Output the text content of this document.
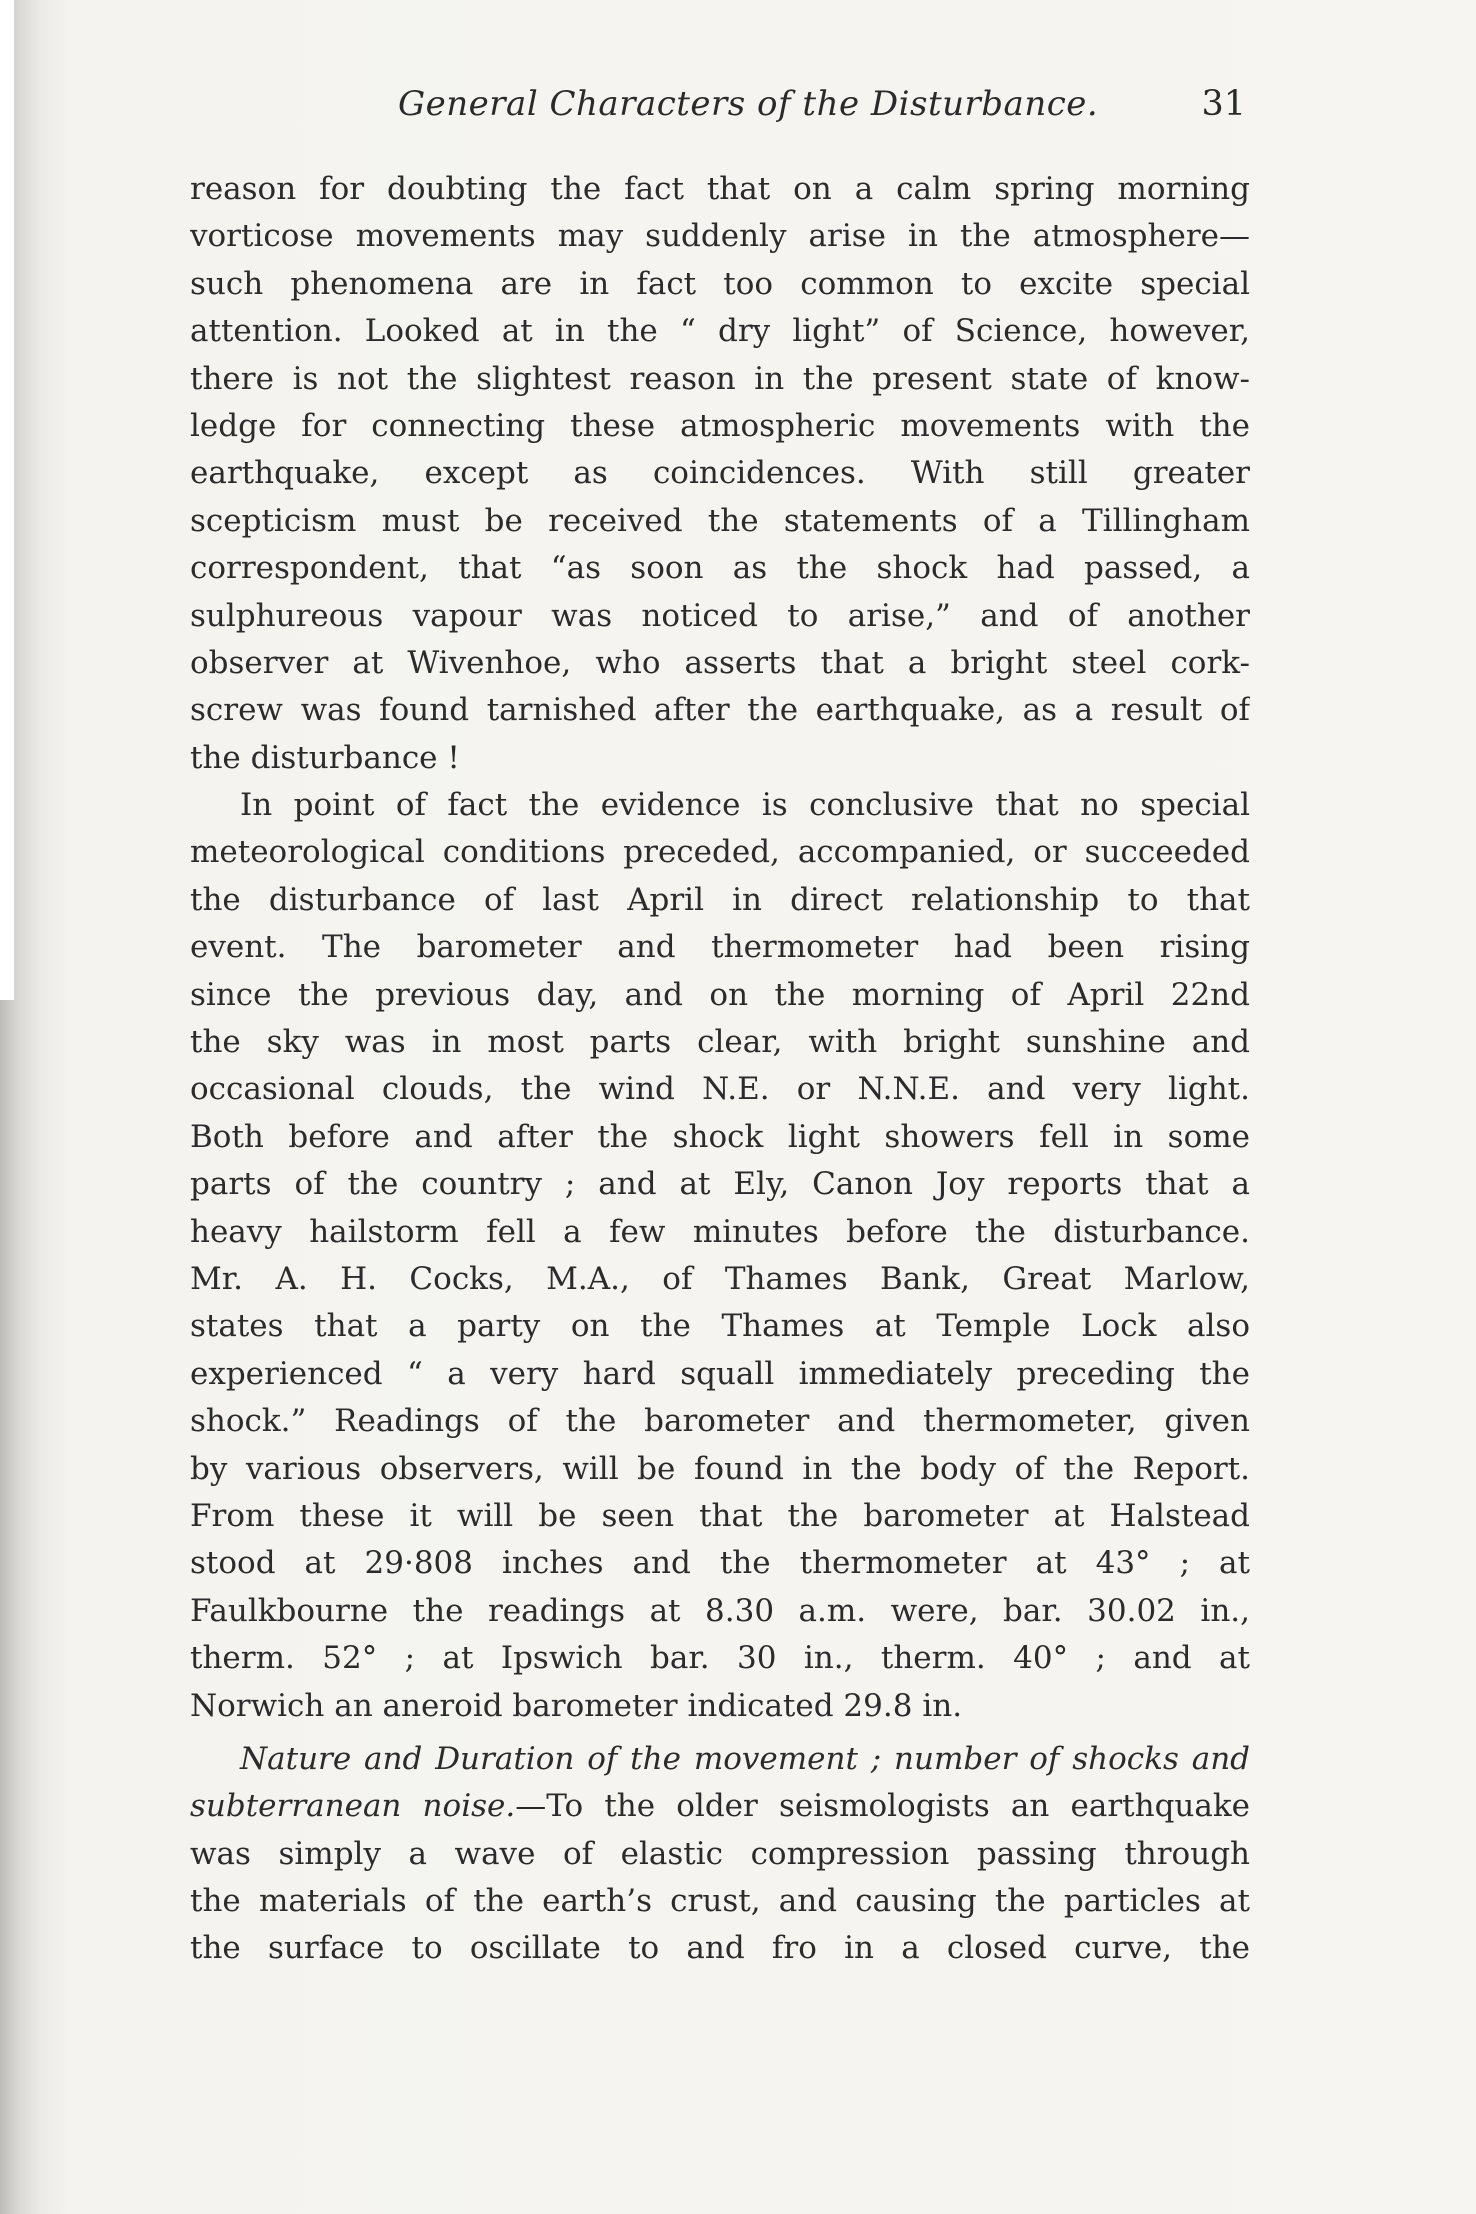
General Characters of the Disturbance.	31
reason for doubting the fact that on a calm spring morning
vorticose movements may suddenly arise in the atmosphere—
such phenomena are in fact too common to excite special
attention. Looked at in the “ dry light” of Science, however,
there is not the slightest reason in the present state of know-
ledge for connecting these atmospheric movements with the
earthquake, except as coincidences. With still greater
scepticism must be received the statements of a Tillingham
correspondent, that “as soon as the shock had passed, a
sulphureous vapour was noticed to arise,” and of another
observer at Wivenhoe, who asserts that a bright steel cork-
screw was found tarnished after the earthquake, as a result of
the disturbance !
In point of fact the evidence is conclusive that no special
meteorological conditions preceded, accompanied, or succeeded
the disturbance of last April in direct relationship to that
event. The barometer and thermometer had been rising
since the previous day, and on the morning of April 22nd
the sky was in most parts clear, with bright sunshine and
occasional clouds, the wind N.E. or N.N.E. and very light.
Both before and after the shock light showers fell in some
parts of the country ; and at Ely, Canon Joy reports that a
heavy hailstorm fell a few minutes before the disturbance.
Mr. A. H. Cocks, M.A., of Thames Bank, Great Marlow,
states that a party on the Thames at Temple Lock also
experienced “ a very hard squall immediately preceding the
shock.” Readings of the barometer and thermometer, given
by various observers, will be found in the body of the Report.
From these it will be seen that the barometer at Halstead
stood at 29·808 inches and the thermometer at 43° ; at
Faulkbourne the readings at 8.30 a.m. were, bar. 30.02 in.,
therm. 52° ; at Ipswich bar. 30 in., therm. 40° ; and at
Norwich an aneroid barometer indicated 29.8 in.
Nature and Duration of the movement ; number of shocks and
subterranean noise.—To the older seismologists an earthquake
was simply a wave of elastic compression passing through
the materials of the earth’s crust, and causing the particles at
the surface to oscillate to and fro in a closed curve, the
